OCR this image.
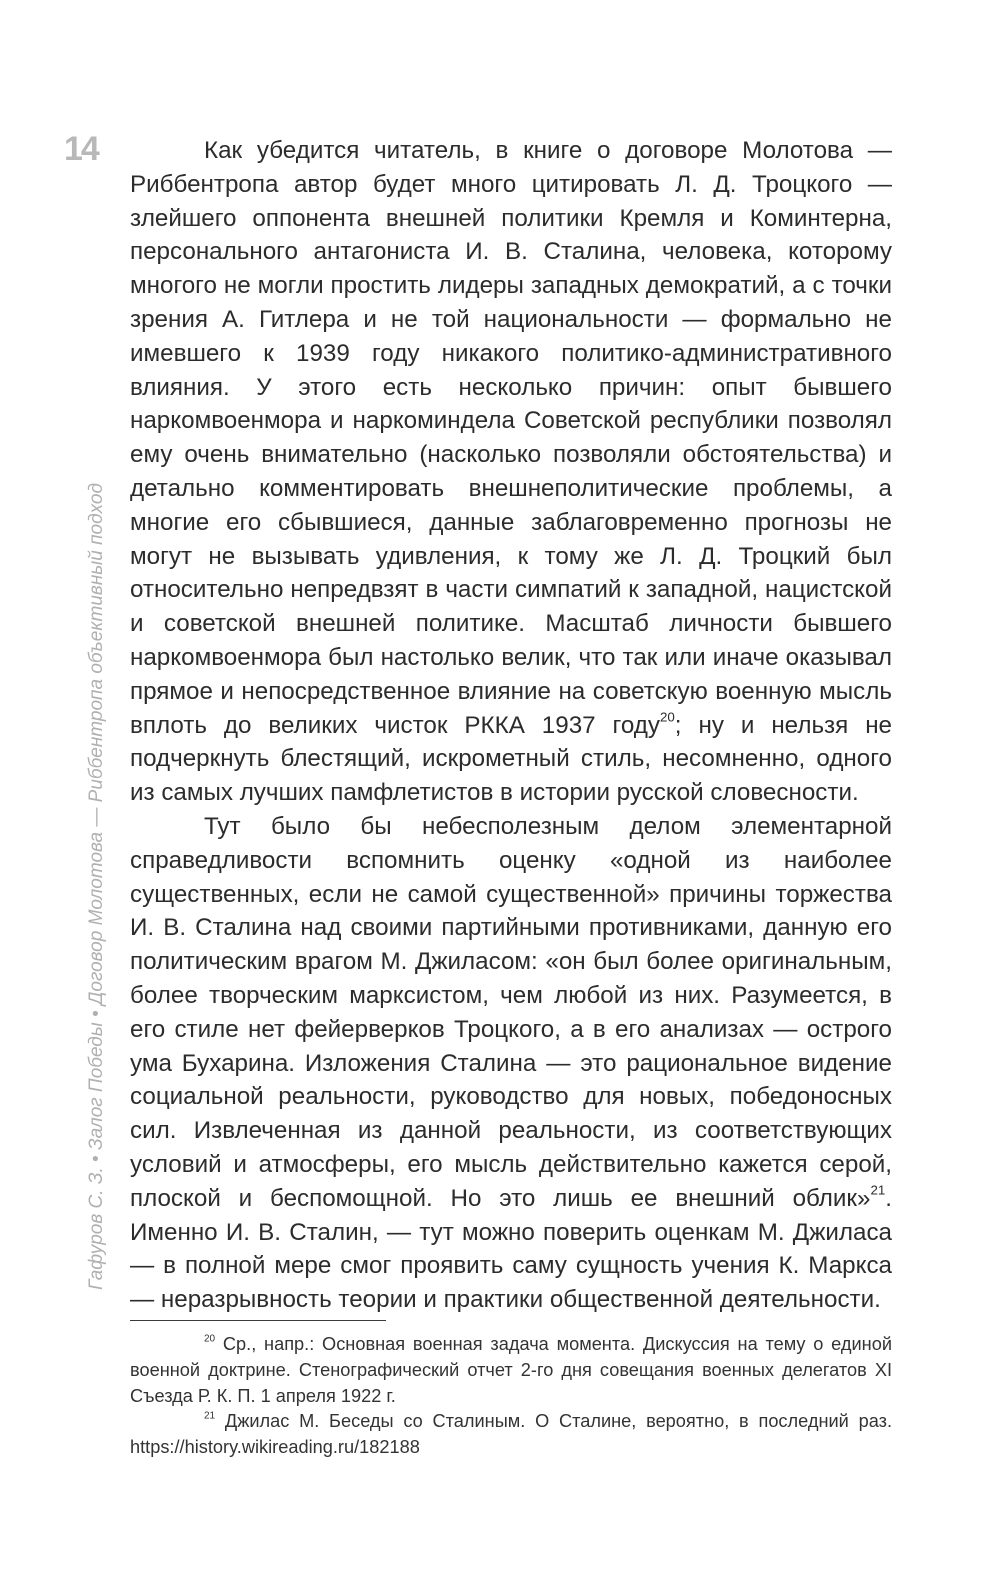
14
Гафуров С. З. • Залог Победы • Договор Молотова — Риббентропа объективный подход

Как убедится читатель, в книге о договоре Молотова — Риббентропа автор будет много цитировать Л. Д. Троцкого — злейшего оппонента внешней политики Кремля и Коминтерна, персонального антагониста И. В. Сталина, человека, которому многого не могли простить лидеры западных демократий, а с точки зрения А. Гитлера и не той национальности — формально не имевшего к 1939 году никакого политико-административного влияния. У этого есть несколько причин: опыт бывшего наркомвоенмора и наркоминдела Советской республики позволял ему очень внимательно (насколько позволяли обстоятельства) и детально комментировать внешнеполитические проблемы, а многие его сбывшиеся, данные заблаговременно прогнозы не могут не вызывать удивления, к тому же Л. Д. Троцкий был относительно непредвзят в части симпатий к западной, нацистской и советской внешней политике. Масштаб личности бывшего наркомвоенмора был настолько велик, что так или иначе оказывал прямое и непосредственное влияние на советскую военную мысль вплоть до великих чисток РККА 1937 году$^{20}$; ну и нельзя не подчеркнуть блестящий, искрометный стиль, несомненно, одного из самых лучших памфлетистов в истории русской словесности.

Тут было бы небесполезным делом элементарной справедливости вспомнить оценку «одной из наиболее существенных, если не самой существенной» причины торжества И. В. Сталина над своими партийными противниками, данную его политическим врагом М. Джиласом: «он был более оригинальным, более творческим марксистом, чем любой из них. Разумеется, в его стиле нет фейерверков Троцкого, а в его анализах — острого ума Бухарина. Изложения Сталина — это рациональное видение социальной реальности, руководство для новых, победоносных сил. Извлеченная из данной реальности, из соответствующих условий и атмосферы, его мысль действительно кажется серой, плоской и беспомощной. Но это лишь ее внешний облик»$^{21}$. Именно И. В. Сталин, — тут можно поверить оценкам М. Джиласа — в полной мере смог проявить саму сущность учения К. Маркса — неразрывность теории и практики общественной деятельности.

$^{20}$ Ср., напр.: Основная военная задача момента. Дискуссия на тему о единой военной доктрине. Стенографический отчет 2-го дня совещания военных делегатов XI Съезда Р. К. П. 1 апреля 1922 г.

$^{21}$ Джилас М. Беседы со Сталиным. О Сталине, вероятно, в последний раз. https://history.wikireading.ru/182188
